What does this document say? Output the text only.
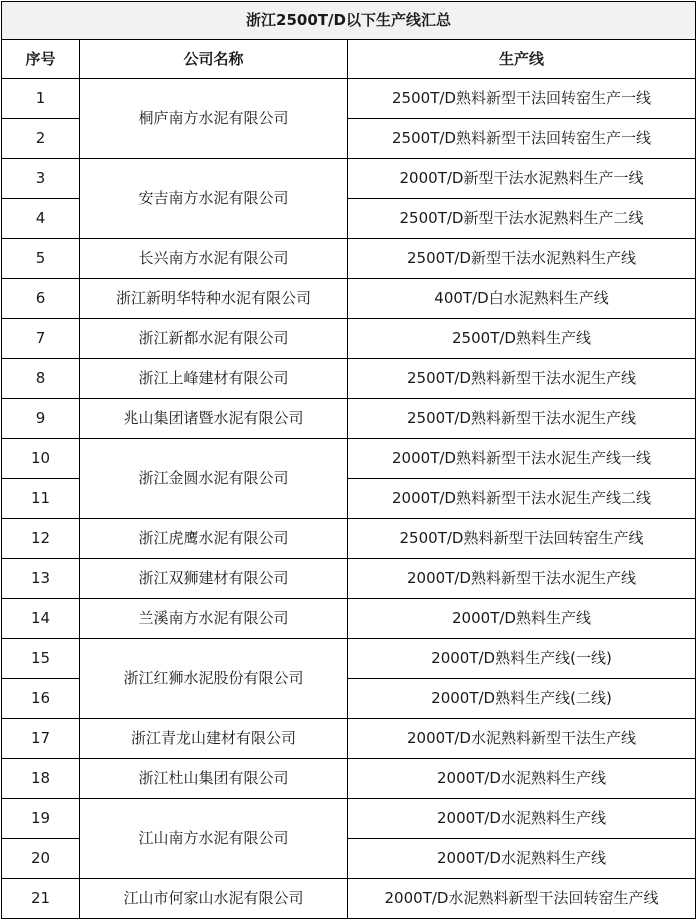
浙江2500T/D以下生产线汇总		
序号	公司名称	生产线
1	桐庐南方水泥有限公司	2500T/D熟料新型干法回转窑生产一线
2		2500T/D熟料新型干法回转窑生产一线
3	安吉南方水泥有限公司	2000T/D新型干法水泥熟料生产一线
4		2500T/D新型干法水泥熟料生产二线
5	长兴南方水泥有限公司	2500T/D新型干法水泥熟料生产线
6	浙江新明华特种水泥有限公司	400T/D白水泥熟料生产线
7	浙江新都水泥有限公司	2500T/D熟料生产线
8	浙江上峰建材有限公司	2500T/D熟料新型干法水泥生产线
9	兆山集团诸暨水泥有限公司	2500T/D熟料新型干法水泥生产线
10	浙江金圆水泥有限公司	2000T/D熟料新型干法水泥生产线一线
11		2000T/D熟料新型干法水泥生产线二线
12	浙江虎鹰水泥有限公司	2500T/D熟料新型干法回转窑生产线
13	浙江双狮建材有限公司	2000T/D熟料新型干法水泥生产线
14	兰溪南方水泥有限公司	2000T/D熟料生产线
15	浙江红狮水泥股份有限公司	2000T/D熟料生产线(一线)
16		2000T/D熟料生产线(二线)
17	浙江青龙山建材有限公司	2000T/D水泥熟料新型干法生产线
18	浙江杜山集团有限公司	2000T/D水泥熟料生产线
19	江山南方水泥有限公司	2000T/D水泥熟料生产线
20		2000T/D水泥熟料生产线
21	江山市何家山水泥有限公司	2000T/D水泥熟料新型干法回转窑生产线
